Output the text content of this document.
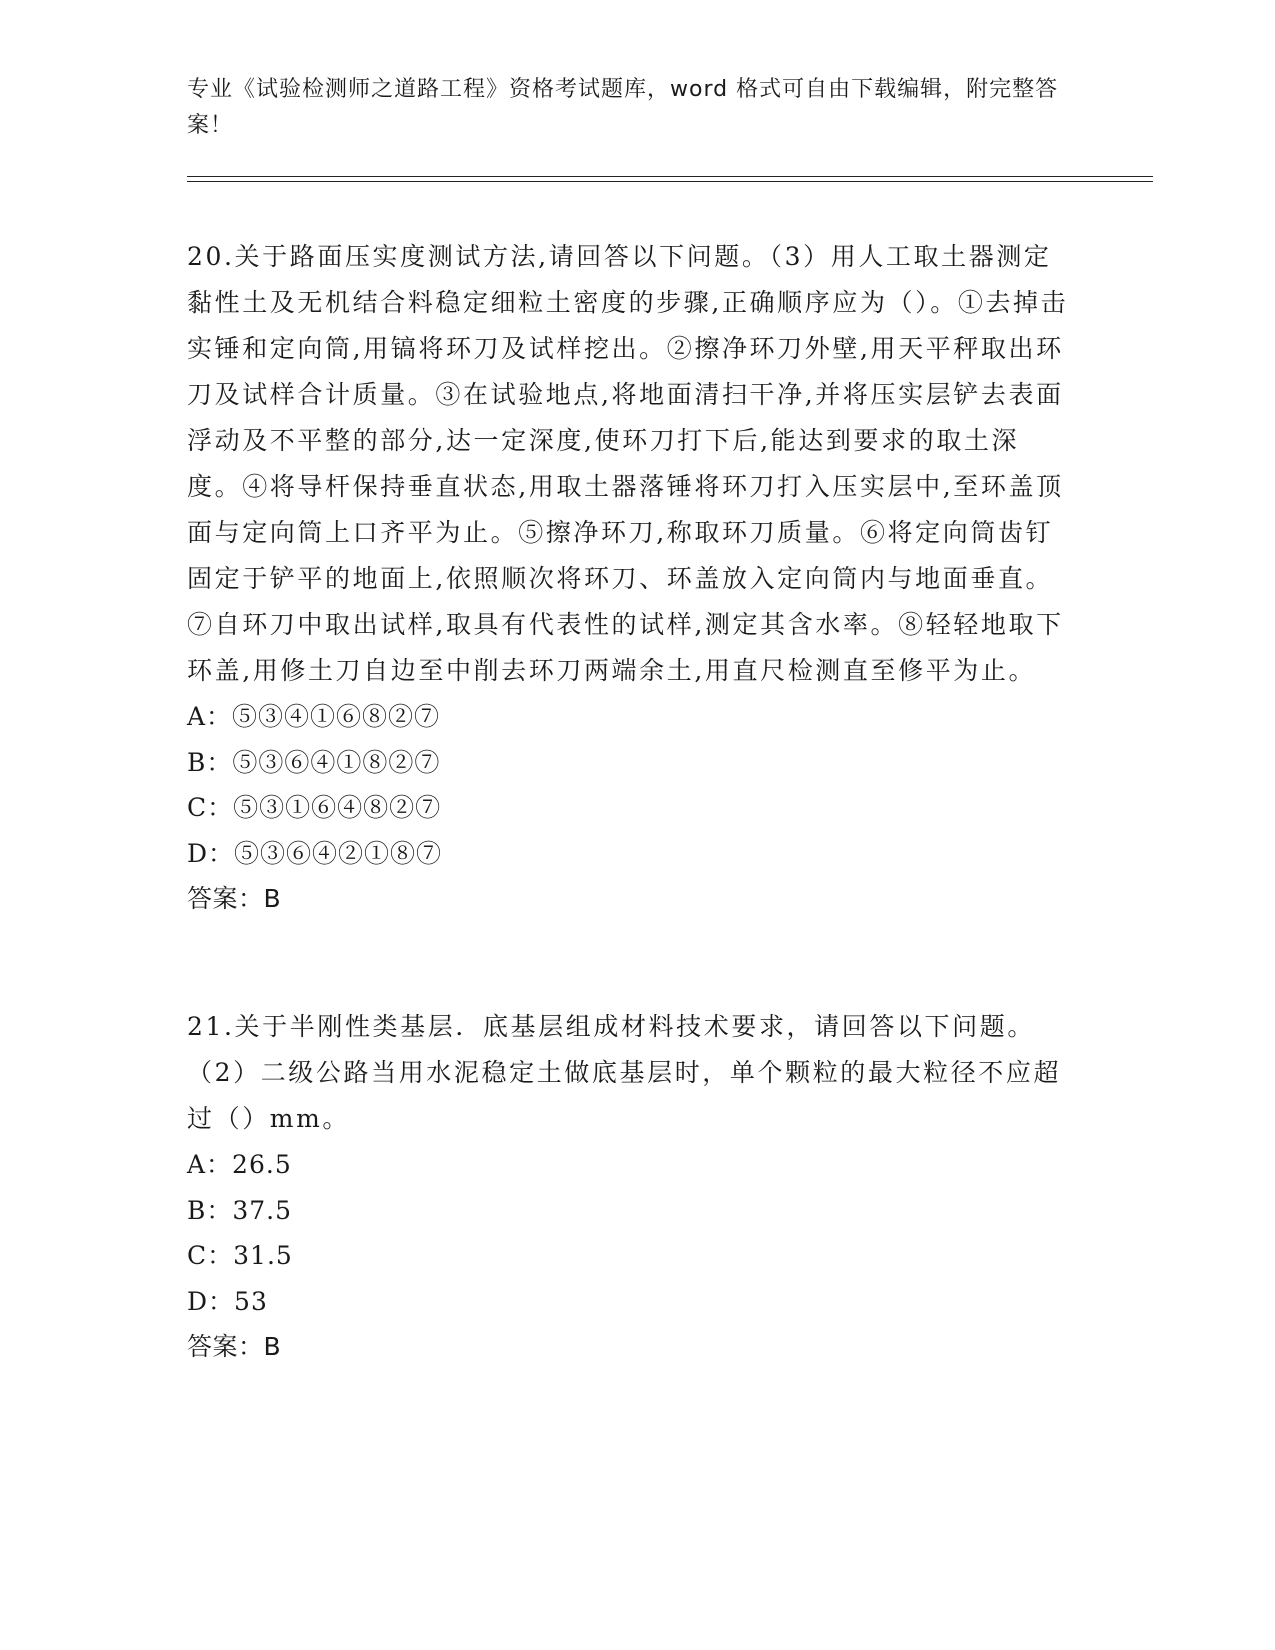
专业《试验检测师之道路工程》资格考试题库，word 格式可自由下载编辑，附完整答案！

20.关于路面压实度测试方法,请回答以下问题。（3）用人工取土器测定黏性土及无机结合料稳定细粒土密度的步骤,正确顺序应为（）。①去掉击实锤和定向筒,用镐将环刀及试样挖出。②擦净环刀外壁,用天平秤取出环刀及试样合计质量。③在试验地点,将地面清扫干净,并将压实层铲去表面浮动及不平整的部分,达一定深度,使环刀打下后,能达到要求的取土深度。④将导杆保持垂直状态,用取土器落锤将环刀打入压实层中,至环盖顶面与定向筒上口齐平为止。⑤擦净环刀,称取环刀质量。⑥将定向筒齿钉固定于铲平的地面上,依照顺次将环刀、环盖放入定向筒内与地面垂直。⑦自环刀中取出试样,取具有代表性的试样,测定其含水率。⑧轻轻地取下环盖,用修土刀自边至中削去环刀两端余土,用直尺检测直至修平为止。

A：⑤③④①⑥⑧②⑦

B：⑤③⑥④①⑧②⑦

C：⑤③①⑥④⑧②⑦

D：⑤③⑥④②①⑧⑦

答案：B

21.关于半刚性类基层．底基层组成材料技术要求，请回答以下问题。（2）二级公路当用水泥稳定土做底基层时，单个颗粒的最大粒径不应超过（）mm。

A：26.5

B：37.5

C：31.5

D：53

答案：B
